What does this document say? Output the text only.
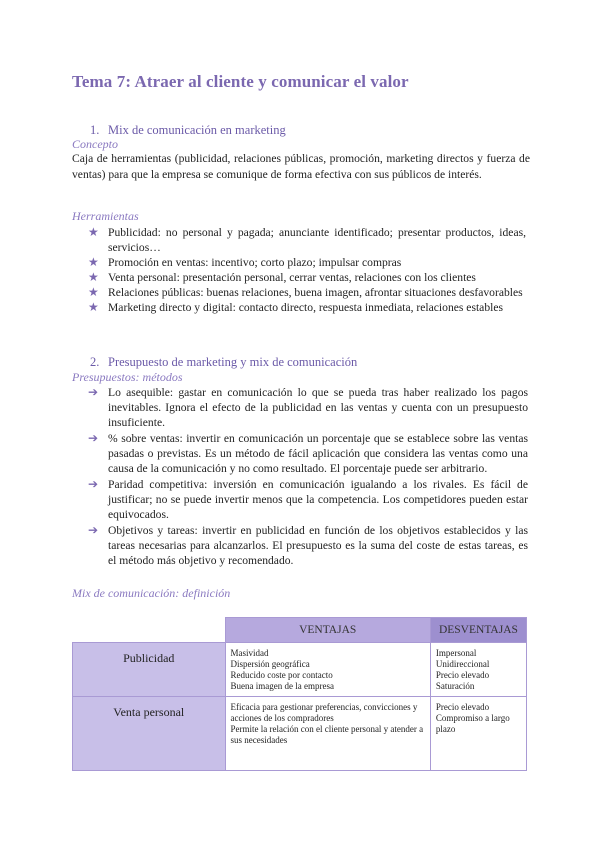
Tema 7: Atraer al cliente y comunicar el valor

1. Mix de comunicación en marketing

Concepto

Caja de herramientas (publicidad, relaciones públicas, promoción, marketing directos y fuerza de ventas) para que la empresa se comunique de forma efectiva con sus públicos de interés.

Herramientas

★ Publicidad: no personal y pagada; anunciante identificado; presentar productos, ideas, servicios…
★ Promoción en ventas: incentivo; corto plazo; impulsar compras
★ Venta personal: presentación personal, cerrar ventas, relaciones con los clientes
★ Relaciones públicas: buenas relaciones, buena imagen, afrontar situaciones desfavorables
★ Marketing directo y digital: contacto directo, respuesta inmediata, relaciones estables

2. Presupuesto de marketing y mix de comunicación

Presupuestos: métodos

➔ Lo asequible: gastar en comunicación lo que se pueda tras haber realizado los pagos inevitables. Ignora el efecto de la publicidad en las ventas y cuenta con un presupuesto insuficiente.
➔ % sobre ventas: invertir en comunicación un porcentaje que se establece sobre las ventas pasadas o previstas. Es un método de fácil aplicación que considera las ventas como una causa de la comunicación y no como resultado. El porcentaje puede ser arbitrario.
➔ Paridad competitiva: inversión en comunicación igualando a los rivales. Es fácil de justificar; no se puede invertir menos que la competencia. Los competidores pueden estar equivocados.
➔ Objetivos y tareas: invertir en publicidad en función de los objetivos establecidos y las tareas necesarias para alcanzarlos. El presupuesto es la suma del coste de estas tareas, es el método más objetivo y recomendado.

Mix de comunicación: definición

	VENTAJAS	DESVENTAJAS
Publicidad	Masividad
Dispersión geográfica
Reducido coste por contacto
Buena imagen de la empresa	Impersonal
Unidireccional
Precio elevado
Saturación

Venta personal	Eficacia para gestionar preferencias, convicciones y acciones de los compradores
Permite la relación con el cliente personal y atender a sus necesidades	Precio elevado
Compromiso a largo plazo
